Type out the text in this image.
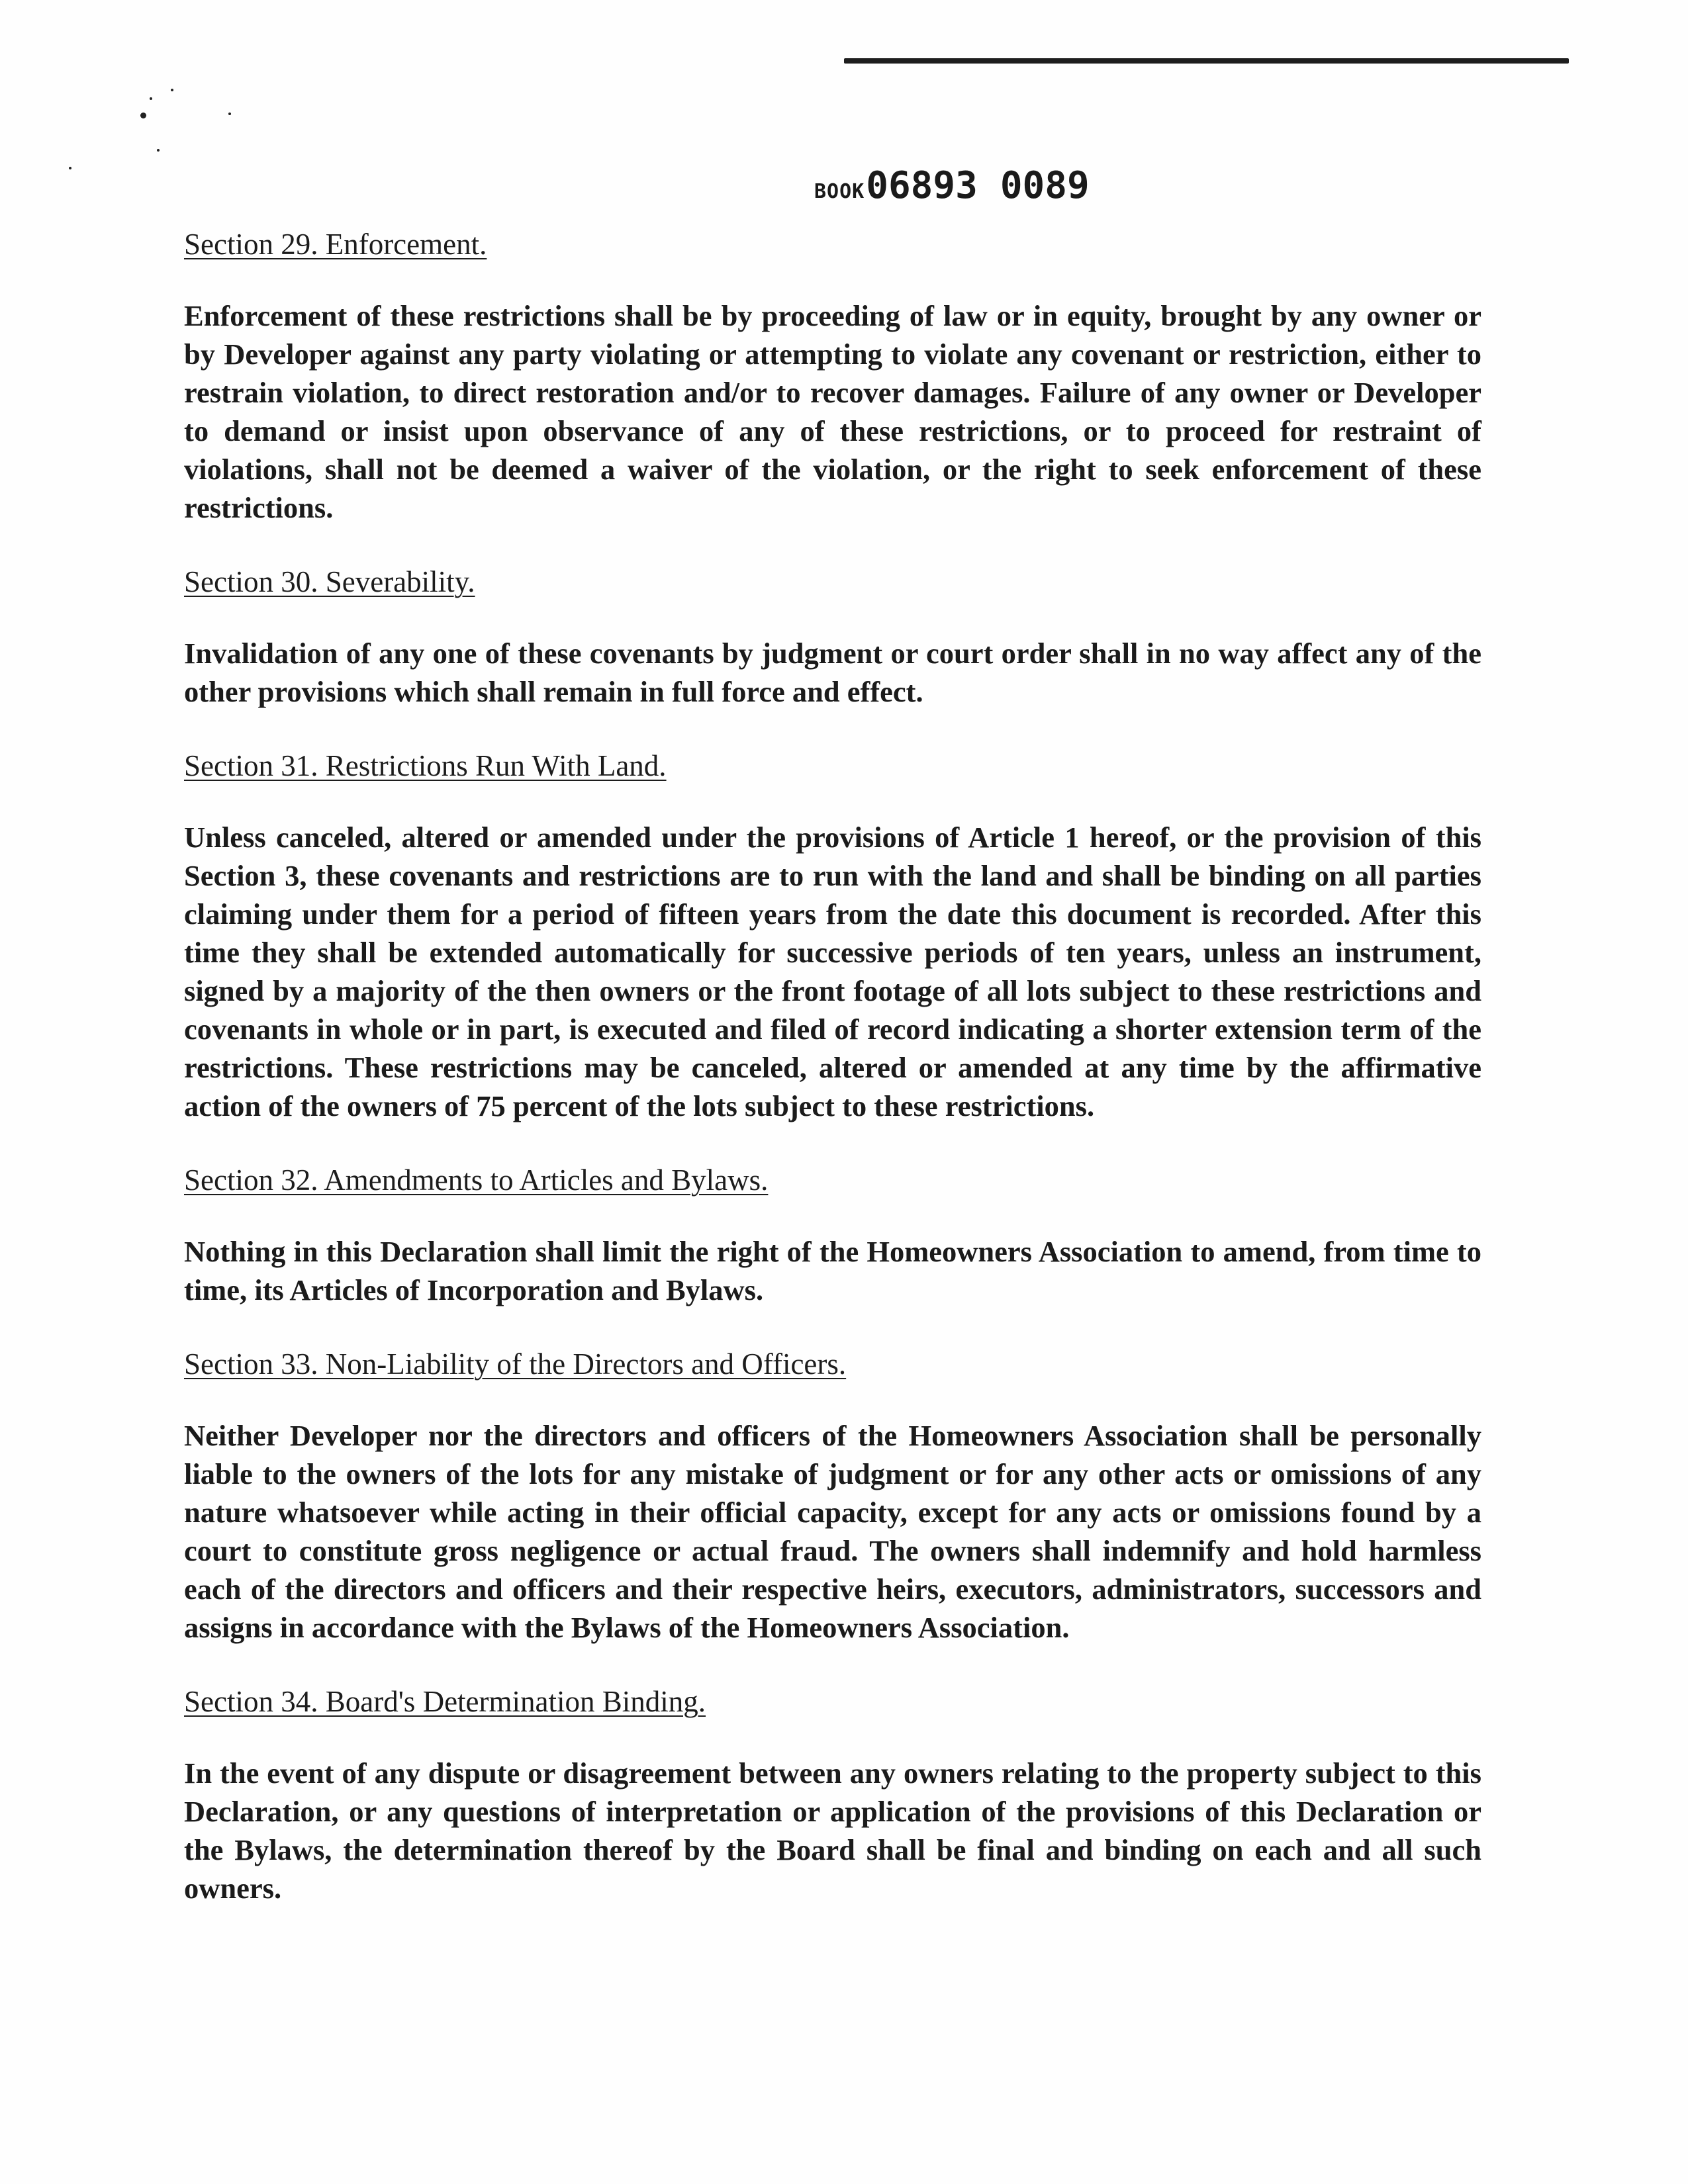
BOOK 06893 0089

Section 29. Enforcement.

Enforcement of these restrictions shall be by proceeding of law or in equity, brought by any owner or by Developer against any party violating or attempting to violate any covenant or restriction, either to restrain violation, to direct restoration and/or to recover damages. Failure of any owner or Developer to demand or insist upon observance of any of these restrictions, or to proceed for restraint of violations, shall not be deemed a waiver of the violation, or the right to seek enforcement of these restrictions.

Section 30. Severability.

Invalidation of any one of these covenants by judgment or court order shall in no way affect any of the other provisions which shall remain in full force and effect.

Section 31. Restrictions Run With Land.

Unless canceled, altered or amended under the provisions of Article 1 hereof, or the provision of this Section 3, these covenants and restrictions are to run with the land and shall be binding on all parties claiming under them for a period of fifteen years from the date this document is recorded. After this time they shall be extended automatically for successive periods of ten years, unless an instrument, signed by a majority of the then owners or the front footage of all lots subject to these restrictions and covenants in whole or in part, is executed and filed of record indicating a shorter extension term of the restrictions. These restrictions may be canceled, altered or amended at any time by the affirmative action of the owners of 75 percent of the lots subject to these restrictions.

Section 32. Amendments to Articles and Bylaws.

Nothing in this Declaration shall limit the right of the Homeowners Association to amend, from time to time, its Articles of Incorporation and Bylaws.

Section 33. Non-Liability of the Directors and Officers.

Neither Developer nor the directors and officers of the Homeowners Association shall be personally liable to the owners of the lots for any mistake of judgment or for any other acts or omissions of any nature whatsoever while acting in their official capacity, except for any acts or omissions found by a court to constitute gross negligence or actual fraud. The owners shall indemnify and hold harmless each of the directors and officers and their respective heirs, executors, administrators, successors and assigns in accordance with the Bylaws of the Homeowners Association.

Section 34. Board's Determination Binding.

In the event of any dispute or disagreement between any owners relating to the property subject to this Declaration, or any questions of interpretation or application of the provisions of this Declaration or the Bylaws, the determination thereof by the Board shall be final and binding on each and all such owners.
